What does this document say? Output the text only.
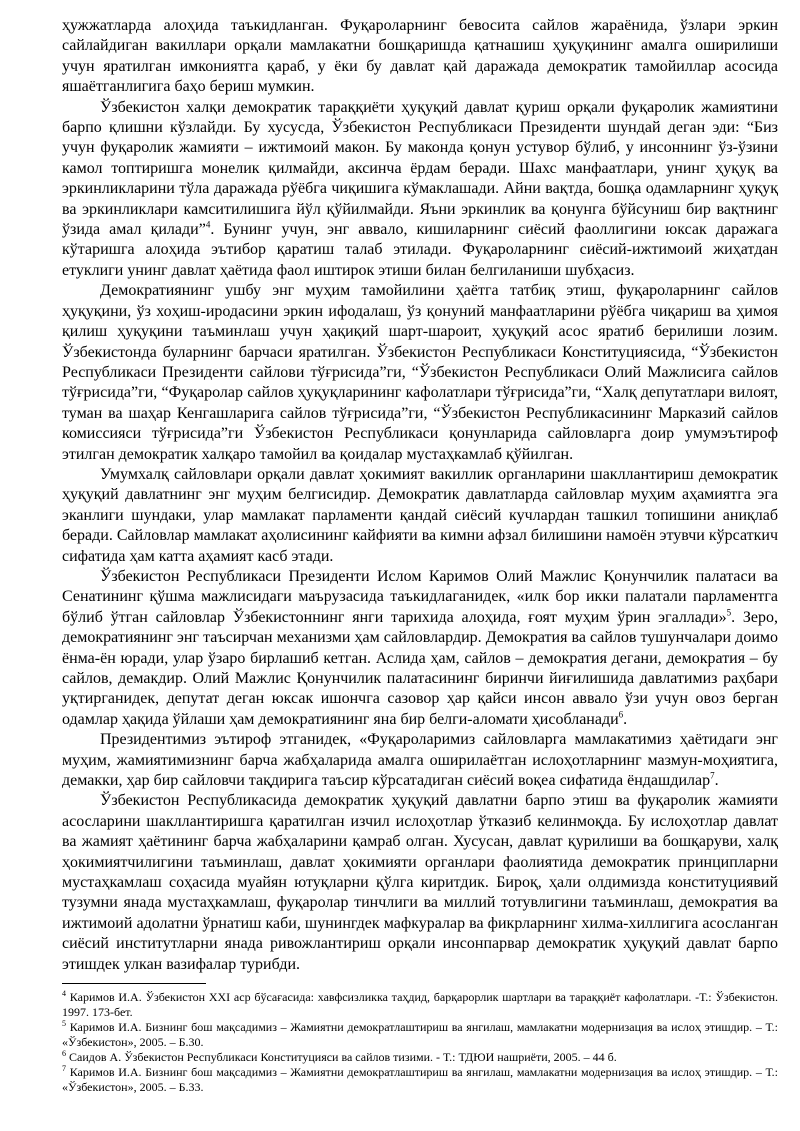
ҳужжатларда алоҳида таъкидланган. Фуқароларнинг бевосита сайлов жараёнида, ўзлари эркин сайлайдиган вакиллари орқали мамлакатни бошқаришда қатнашиш ҳуқуқининг амалга оширилиши учун яратилган имкониятга қараб, у ёки бу давлат қай даражада демократик тамойиллар асосида яшаётганлигига баҳо бериш мумкин.

Ўзбекистон халқи демократик тараққиёти ҳуқуқий давлат қуриш орқали фуқаролик жамиятини барпо қлишни кўзлайди. Бу хусусда, Ўзбекистон Республикаси Президенти шундай деган эди: “Биз учун фуқаролик жамияти – ижтимоий макон. Бу маконда қонун устувор бўлиб, у инсоннинг ўз-ўзини камол топтиришга монелик қилмайди, аксинча ёрдам беради. Шахс манфаатлари, унинг ҳуқуқ ва эркинликларини тўла даражада рўёбга чиқишига кўмаклашади. Айни вақтда, бошқа одамларнинг ҳуқуқ ва эркинликлари камситилишига йўл қўйилмайди. Яъни эркинлик ва қонунга бўйсуниш бир вақтнинг ўзида амал қилади”$^4$. Бунинг учун, энг аввало, кишиларнинг сиёсий фаоллигини юксак даражага кўтаришга алоҳида эътибор қаратиш талаб этилади. Фуқароларнинг сиёсий-ижтимоий жиҳатдан етуклиги унинг давлат ҳаётида фаол иштирок этиши билан белгиланиши шубҳасиз.

Демократиянинг ушбу энг муҳим тамойилини ҳаётга татбиқ этиш, фуқароларнинг сайлов ҳуқуқини, ўз хоҳиш-иродасини эркин ифодалаш, ўз қонуний манфаатларини рўёбга чиқариш ва ҳимоя қилиш ҳуқуқини таъминлаш учун ҳақиқий шарт-шароит, ҳуқуқий асос яратиб берилиши лозим. Ўзбекистонда буларнинг барчаси яратилган. Ўзбекистон Республикаси Конституциясида, “Ўзбекистон Республикаси Президенти сайлови тўғрисида”ги, “Ўзбекистон Республикаси Олий Мажлисига сайлов тўғрисида”ги, “Фуқаролар сайлов ҳуқуқларининг кафолатлари тўғрисида”ги, “Халқ депутатлари вилоят, туман ва шаҳар Кенгашларига сайлов тўғрисида”ги, “Ўзбекистон Республикасининг Марказий сайлов комиссияси тўғрисида”ги Ўзбекистон Республикаси қонунларида сайловларга доир умумэътироф этилган демократик халқаро тамойил ва қоидалар мустаҳкамлаб қўйилган.

Умумхалқ сайловлари орқали давлат ҳокимият вакиллик органларини шакллантириш демократик ҳуқуқий давлатнинг энг муҳим белгисидир. Демократик давлатларда сайловлар муҳим аҳамиятга эга эканлиги шундаки, улар мамлакат парламенти қандай сиёсий кучлардан ташкил топишини аниқлаб беради. Сайловлар мамлакат аҳолисининг кайфияти ва кимни афзал билишини намоён этувчи кўрсаткич сифатида ҳам катта аҳамият касб этади.

Ўзбекистон Республикаси Президенти Ислом Каримов Олий Мажлис Қонунчилик палатаси ва Сенатининг қўшма мажлисидаги маърузасида таъкидлаганидек, «илк бор икки палатали парламентга бўлиб ўтган сайловлар Ўзбекистоннинг янги тарихида алоҳида, ғоят муҳим ўрин эгаллади»$^5$. Зеро, демократиянинг энг таъсирчан механизми ҳам сайловлардир. Демократия ва сайлов тушунчалари доимо ёнма-ён юради, улар ўзаро бирлашиб кетган. Аслида ҳам, сайлов – демократия дегани, демократия – бу сайлов, демакдир. Олий Мажлис Қонунчилик палатасининг биринчи йиғилишида давлатимиз раҳбари уқтирганидек, депутат деган юксак ишончга сазовор ҳар қайси инсон аввало ўзи учун овоз берган одамлар ҳақида ўйлаши ҳам демократиянинг яна бир белги-аломати ҳисобланади$^6$.

Президентимиз эътироф этганидек, «Фуқароларимиз сайловларга мамлакатимиз ҳаётидаги энг муҳим, жамиятимизнинг барча жабҳаларида амалга оширилаётган ислоҳотларнинг мазмун-моҳиятига, демакки, ҳар бир сайловчи тақдирига таъсир кўрсатадиган сиёсий воқеа сифатида ёндашдилар$^7$.

Ўзбекистон Республикасида демократик ҳуқуқий давлатни барпо этиш ва фуқаролик жамияти асосларини шакллантиришга қаратилган изчил ислоҳотлар ўтказиб келинмоқда. Бу ислоҳотлар давлат ва жамият ҳаётининг барча жабҳаларини қамраб олган. Хусусан, давлат қурилиши ва бошқаруви, халқ ҳокимиятчилигини таъминлаш, давлат ҳокимияти органлари фаолиятида демократик принципларни мустаҳкамлаш соҳасида муайян ютуқларни қўлга киритдик. Бироқ, ҳали олдимизда конституциявий тузумни янада мустаҳкамлаш, фуқаролар тинчлиги ва миллий тотувлигини таъминлаш, демократия ва ижтимоий адолатни ўрнатиш каби, шунингдек мафкуралар ва фикрларнинг хилма-хиллигига асосланган сиёсий институтларни янада ривожлантириш орқали инсонпарвар демократик ҳуқуқий давлат барпо этишдек улкан вазифалар турибди.

$^4$ Каримов И.А. Ўзбекистон XXI аср бўсағасида: хавфсизликка таҳдид, барқарорлик шартлари ва тараққиёт кафолатлари. -Т.: Ўзбекистон. 1997. 173-бет.

$^5$ Каримов И.А. Бизнинг бош мақсадимиз – Жамиятни демократлаштириш ва янгилаш, мамлакатни модернизация ва ислоҳ этишдир. – Т.: «Ўзбекистон», 2005. – Б.30.

$^6$ Саидов А. Ўзбекистон Республикаси Конституцияси ва сайлов тизими. - Т.: ТДЮИ нашриёти, 2005. – 44 б.

$^7$ Каримов И.А. Бизнинг бош мақсадимиз – Жамиятни демократлаштириш ва янгилаш, мамлакатни модернизация ва ислоҳ этишдир. – Т.: «Ўзбекистон», 2005. – Б.33.
